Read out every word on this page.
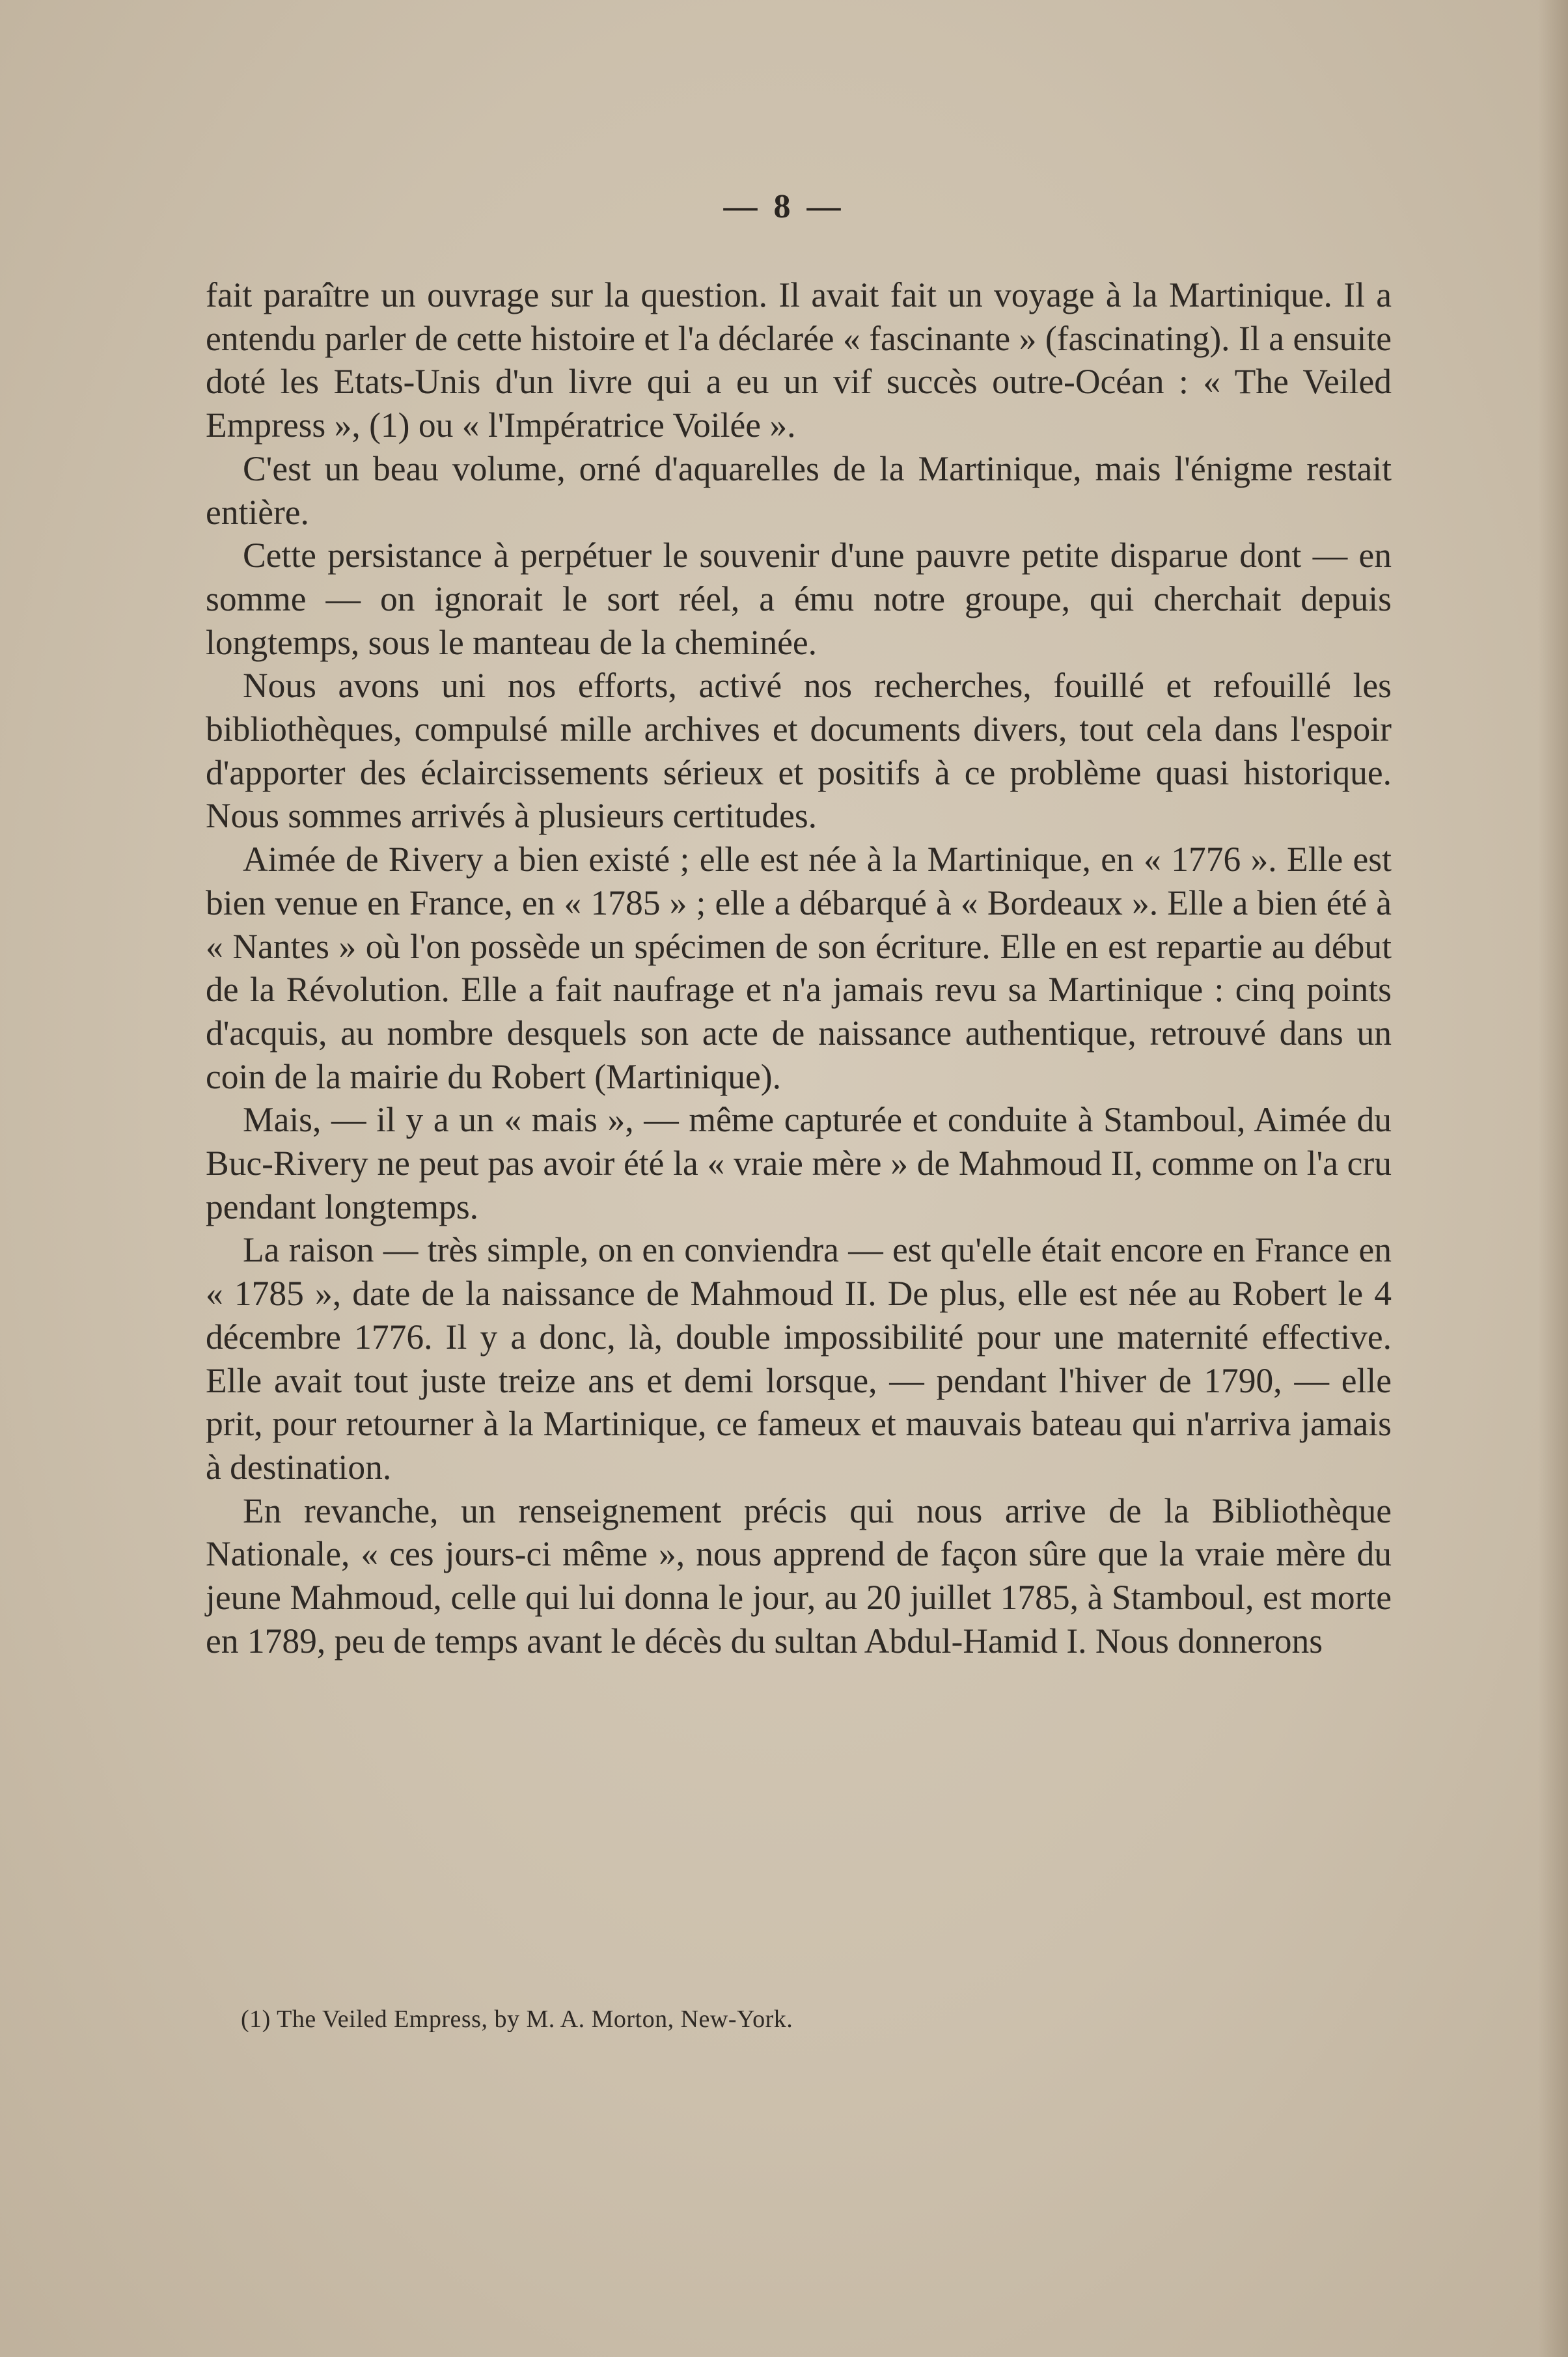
— 8 —

fait paraître un ouvrage sur la question. Il avait fait un voyage à la Martinique. Il a entendu parler de cette histoire et l'a déclarée « fascinante » (fascinating). Il a ensuite doté les Etats-Unis d'un livre qui a eu un vif succès outre-Océan : « The Veiled Empress », (1) ou « l'Impératrice Voilée ».

C'est un beau volume, orné d'aquarelles de la Martinique, mais l'énigme restait entière.

Cette persistance à perpétuer le souvenir d'une pauvre petite disparue dont — en somme — on ignorait le sort réel, a ému notre groupe, qui cherchait depuis longtemps, sous le manteau de la cheminée.

Nous avons uni nos efforts, activé nos recherches, fouillé et refouillé les bibliothèques, compulsé mille archives et documents divers, tout cela dans l'espoir d'apporter des éclaircissements sérieux et positifs à ce problème quasi historique. Nous sommes arrivés à plusieurs certitudes.

Aimée de Rivery a bien existé ; elle est née à la Martinique, en « 1776 ». Elle est bien venue en France, en « 1785 » ; elle a débarqué à « Bordeaux ». Elle a bien été à « Nantes » où l'on possède un spécimen de son écriture. Elle en est repartie au début de la Révolution. Elle a fait naufrage et n'a jamais revu sa Martinique : cinq points d'acquis, au nombre desquels son acte de naissance authentique, retrouvé dans un coin de la mairie du Robert (Martinique).

Mais, — il y a un « mais », — même capturée et conduite à Stamboul, Aimée du Buc-Rivery ne peut pas avoir été la « vraie mère » de Mahmoud II, comme on l'a cru pendant longtemps.

La raison — très simple, on en conviendra — est qu'elle était encore en France en « 1785 », date de la naissance de Mahmoud II. De plus, elle est née au Robert le 4 décembre 1776. Il y a donc, là, double impossibilité pour une maternité effective. Elle avait tout juste treize ans et demi lorsque, — pendant l'hiver de 1790, — elle prit, pour retourner à la Martinique, ce fameux et mauvais bateau qui n'arriva jamais à destination.

En revanche, un renseignement précis qui nous arrive de la Bibliothèque Nationale, « ces jours-ci même », nous apprend de façon sûre que la vraie mère du jeune Mahmoud, celle qui lui donna le jour, au 20 juillet 1785, à Stamboul, est morte en 1789, peu de temps avant le décès du sultan Abdul-Hamid I. Nous donnerons

(1) The Veiled Empress, by M. A. Morton, New-York.
